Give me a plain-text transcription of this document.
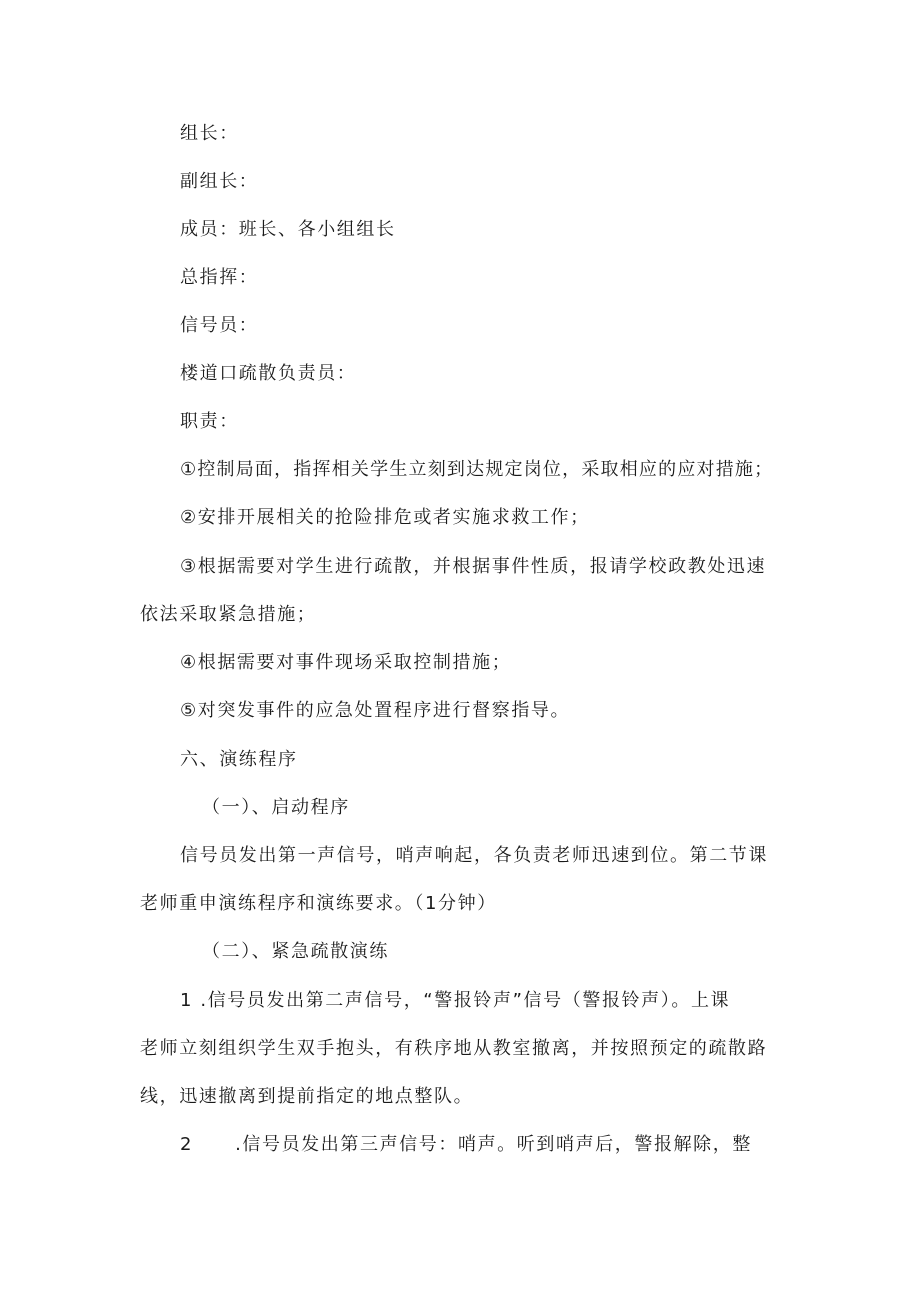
组长：
副组长：
成员：班长、各小组组长
总指挥：
信号员：
楼道口疏散负责员：
职责：
①控制局面，指挥相关学生立刻到达规定岗位，采取相应的应对措施；
②安排开展相关的抢险排危或者实施求救工作；
③根据需要对学生进行疏散，并根据事件性质，报请学校政教处迅速
依法采取紧急措施；
④根据需要对事件现场采取控制措施；
⑤对突发事件的应急处置程序进行督察指导。
六、演练程序
（一）、启动程序
信号员发出第一声信号，哨声响起，各负责老师迅速到位。第二节课
老师重申演练程序和演练要求。（1分钟）
（二）、紧急疏散演练
1 .信号员发出第二声信号，“警报铃声”信号（警报铃声）。上课
老师立刻组织学生双手抱头，有秩序地从教室撤离，并按照预定的疏散路
线，迅速撤离到提前指定的地点整队。
2 .信号员发出第三声信号：哨声。听到哨声后，警报解除，整
